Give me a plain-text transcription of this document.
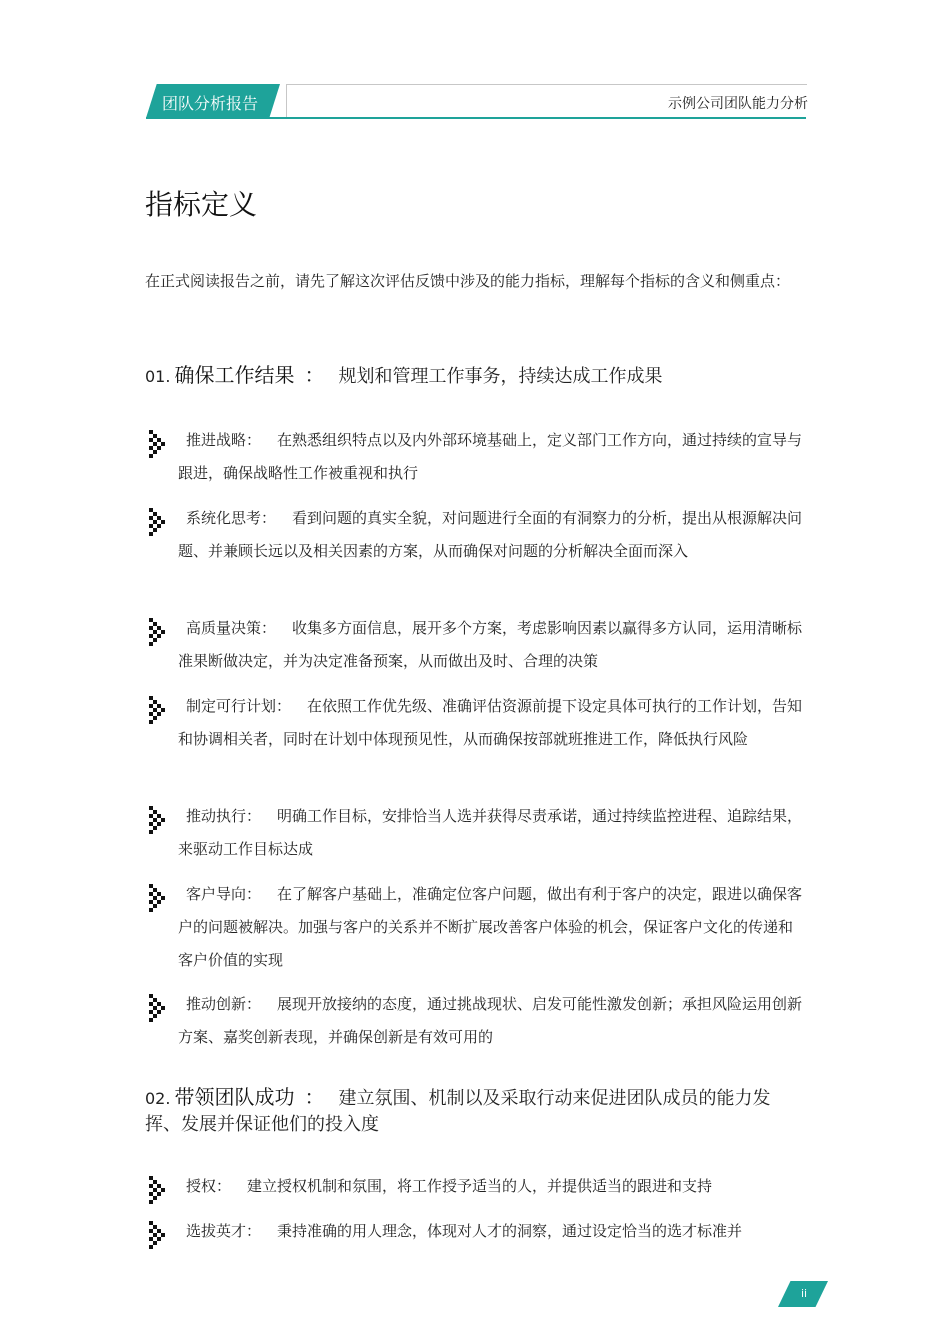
团队分析报告	示例公司团队能力分析
指标定义
在正式阅读报告之前，请先了解这次评估反馈中涉及的能力指标，理解每个指标的含义和侧重点：
01. 确保工作结果 ： 规划和管理工作事务，持续达成工作成果
推进战略： 在熟悉组织特点以及内外部环境基础上，定义部门工作方向，通过持续的宣导与跟进，确保战略性工作被重视和执行
系统化思考： 看到问题的真实全貌，对问题进行全面的有洞察力的分析，提出从根源解决问题、并兼顾长远以及相关因素的方案，从而确保对问题的分析解决全面而深入
高质量决策： 收集多方面信息，展开多个方案，考虑影响因素以赢得多方认同，运用清晰标准果断做决定，并为决定准备预案，从而做出及时、合理的决策
制定可行计划： 在依照工作优先级、准确评估资源前提下设定具体可执行的工作计划，告知和协调相关者，同时在计划中体现预见性，从而确保按部就班推进工作，降低执行风险
推动执行： 明确工作目标，安排恰当人选并获得尽责承诺，通过持续监控进程、追踪结果，来驱动工作目标达成
客户导向： 在了解客户基础上，准确定位客户问题，做出有利于客户的决定，跟进以确保客户的问题被解决。加强与客户的关系并不断扩展改善客户体验的机会，保证客户文化的传递和客户价值的实现
推动创新： 展现开放接纳的态度，通过挑战现状、启发可能性激发创新；承担风险运用创新方案、嘉奖创新表现，并确保创新是有效可用的
02. 带领团队成功 ： 建立氛围、机制以及采取行动来促进团队成员的能力发挥、发展并保证他们的投入度
授权： 建立授权机制和氛围，将工作授予适当的人，并提供适当的跟进和支持
选拔英才： 秉持准确的用人理念，体现对人才的洞察，通过设定恰当的选才标准并
ii
